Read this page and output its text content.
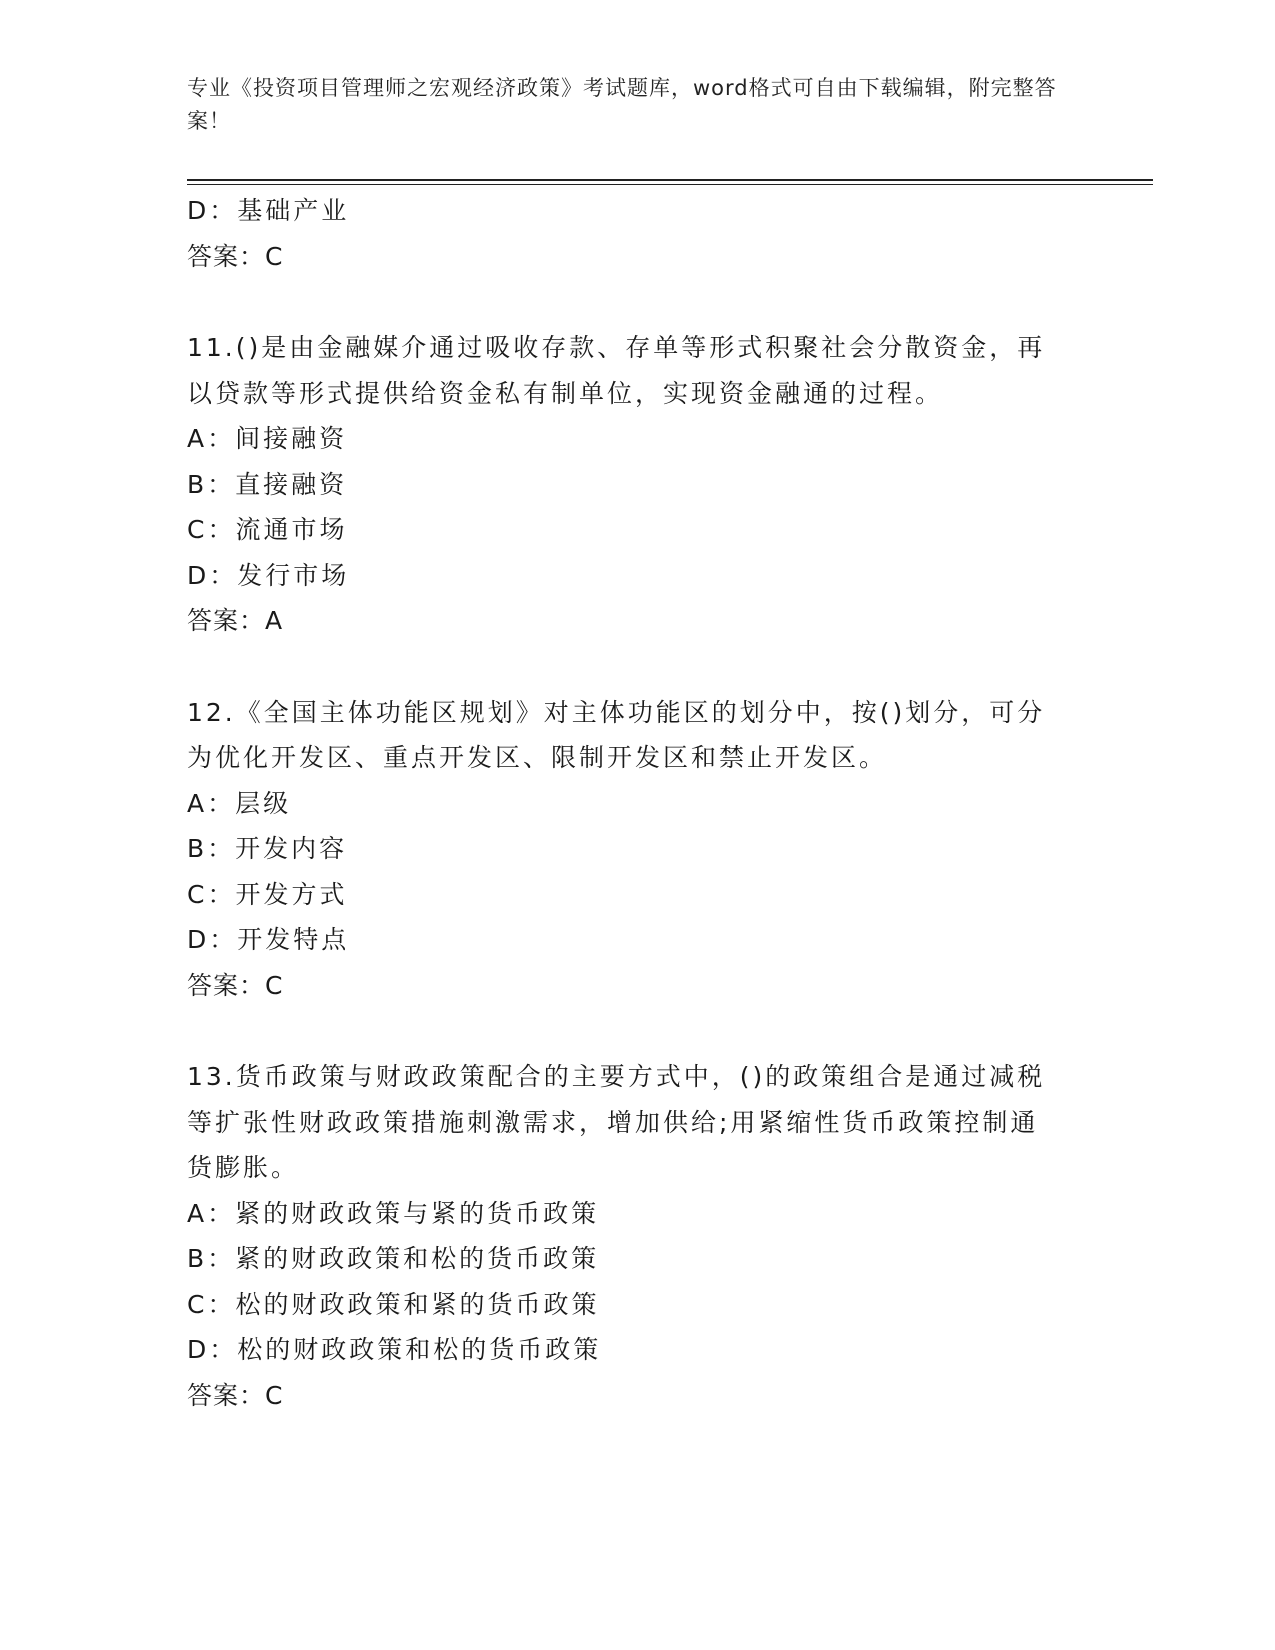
专业《投资项目管理师之宏观经济政策》考试题库，word格式可自由下载编辑，附完整答案！
D：基础产业
答案：C
11.()是由金融媒介通过吸收存款、存单等形式积聚社会分散资金，再
以贷款等形式提供给资金私有制单位，实现资金融通的过程。
A：间接融资
B：直接融资
C：流通市场
D：发行市场
答案：A
12.《全国主体功能区规划》对主体功能区的划分中，按()划分，可分
为优化开发区、重点开发区、限制开发区和禁止开发区。
A：层级
B：开发内容
C：开发方式
D：开发特点
答案：C
13.货币政策与财政政策配合的主要方式中，()的政策组合是通过减税
等扩张性财政政策措施刺激需求，增加供给;用紧缩性货币政策控制通
货膨胀。
A：紧的财政政策与紧的货币政策
B：紧的财政政策和松的货币政策
C：松的财政政策和紧的货币政策
D：松的财政政策和松的货币政策
答案：C
